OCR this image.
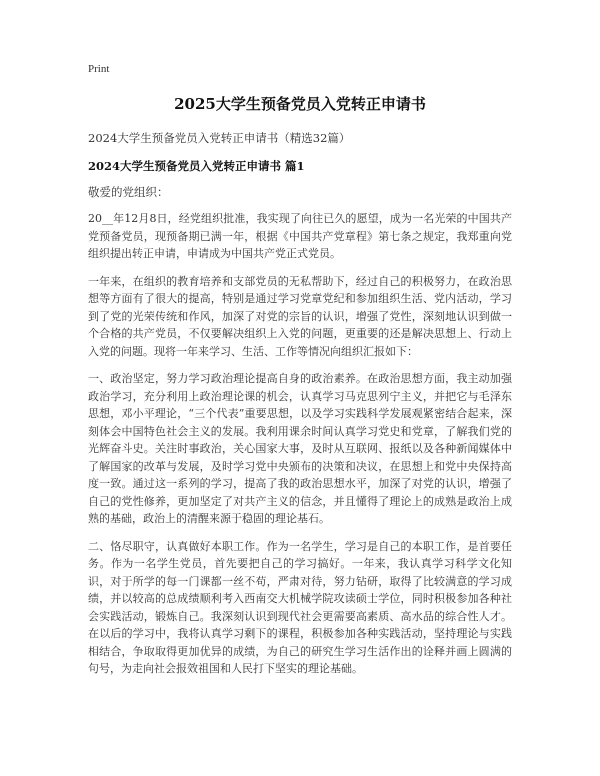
Print
2025大学生预备党员入党转正申请书

2024大学生预备党员入党转正申请书（精选32篇）

2024大学生预备党员入党转正申请书 篇1

敬爱的党组织：

20__年12月8日，经党组织批准，我实现了向往已久的愿望，成为一名光荣的中国共产党预备党员，现预备期已满一年，根据《中国共产党章程》第七条之规定，我郑重向党组织提出转正申请，申请成为中国共产党正式党员。

一年来，在组织的教育培养和支部党员的无私帮助下，经过自己的积极努力，在政治思想等方面有了很大的提高，特别是通过学习党章党纪和参加组织生活、党内活动，学习到了党的光荣传统和作风，加深了对党的宗旨的认识，增强了党性，深刻地认识到做一个合格的共产党员，不仅要解决组织上入党的问题，更重要的还是解决思想上、行动上入党的问题。现将一年来学习、生活、工作等情况向组织汇报如下：

一、政治坚定，努力学习政治理论提高自身的政治素养。在政治思想方面，我主动加强政治学习，充分利用上政治理论课的机会，认真学习马克思列宁主义，并把它与毛泽东思想，邓小平理论，“三个代表”重要思想，以及学习实践科学发展观紧密结合起来，深刻体会中国特色社会主义的发展。我利用课余时间认真学习党史和党章，了解我们党的光辉奋斗史。关注时事政治，关心国家大事，及时从互联网、报纸以及各种新闻媒体中了解国家的改革与发展，及时学习党中央颁布的决策和决议，在思想上和党中央保持高度一致。通过这一系列的学习，提高了我的政治思想水平，加深了对党的认识，增强了自己的党性修养，更加坚定了对共产主义的信念，并且懂得了理论上的成熟是政治上成熟的基础，政治上的清醒来源于稳固的理论基石。

二、恪尽职守，认真做好本职工作。作为一名学生，学习是自己的本职工作，是首要任务。作为一名学生党员，首先要把自己的学习搞好。一年来，我认真学习科学文化知识，对于所学的每一门课都一丝不苟，严肃对待，努力钻研，取得了比较满意的学习成绩，并以较高的总成绩顺利考入西南交大机械学院攻读硕士学位，同时积极参加各种社会实践活动，锻炼自己。我深刻认识到现代社会更需要高素质、高水品的综合性人才。在以后的学习中，我将认真学习剩下的课程，积极参加各种实践活动，坚持理论与实践相结合，争取取得更加优异的成绩，为自己的研究生学习生活作出的诠释并画上圆满的句号，为走向社会报效祖国和人民打下坚实的理论基础。
